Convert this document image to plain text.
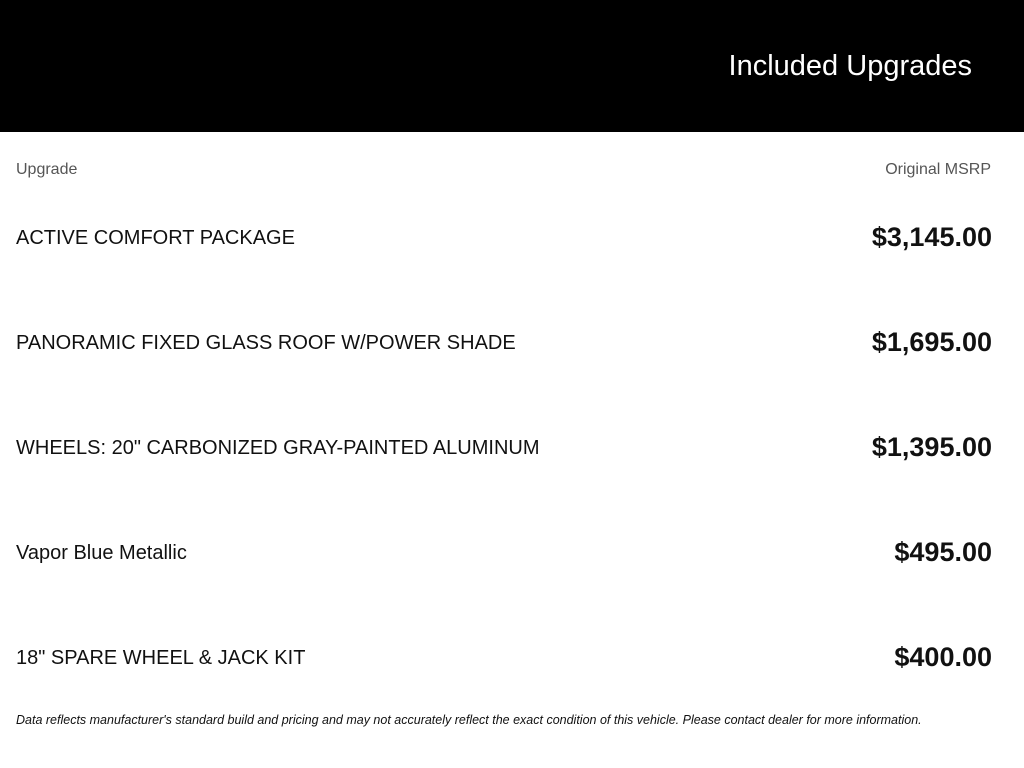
Included Upgrades
Upgrade	Original MSRP
ACTIVE COMFORT PACKAGE	$3,145.00
PANORAMIC FIXED GLASS ROOF W/POWER SHADE	$1,695.00
WHEELS: 20" CARBONIZED GRAY-PAINTED ALUMINUM	$1,395.00
Vapor Blue Metallic	$495.00
18" SPARE WHEEL & JACK KIT	$400.00
Data reflects manufacturer's standard build and pricing and may not accurately reflect the exact condition of this vehicle. Please contact dealer for more information.
